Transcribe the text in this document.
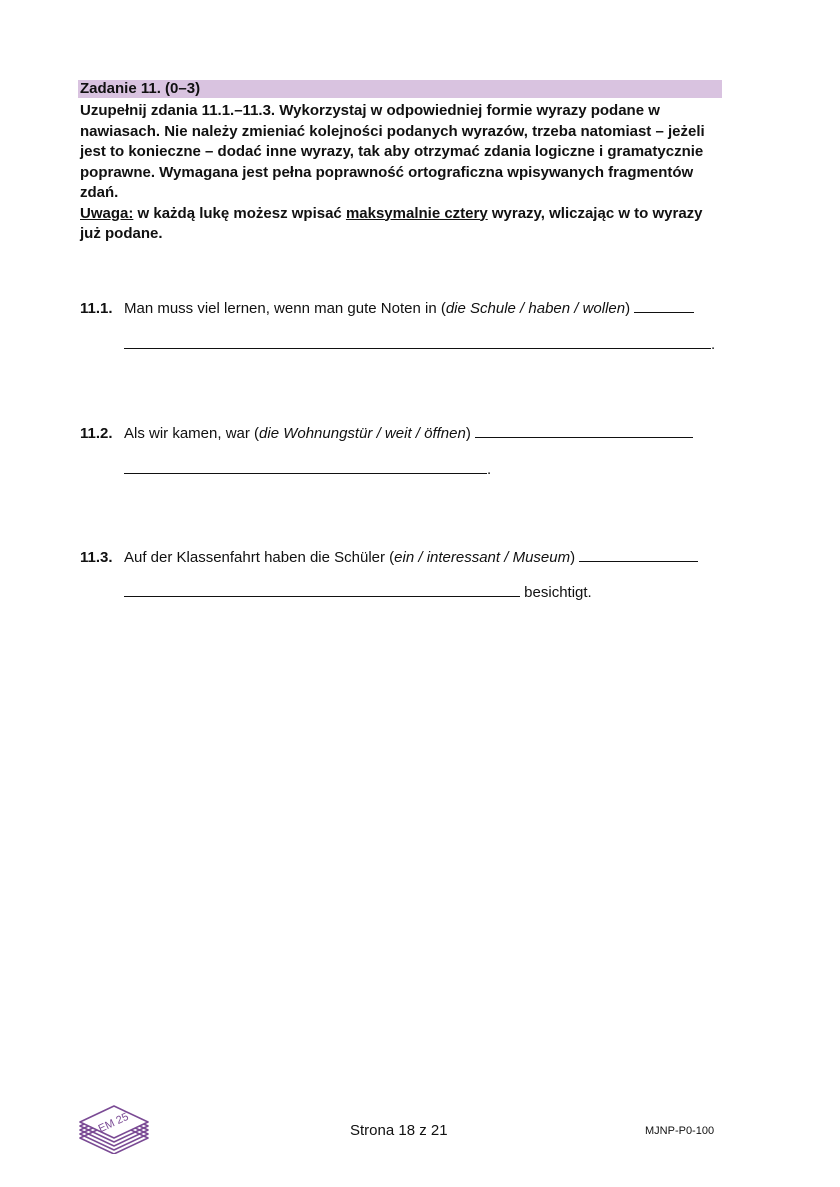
Zadanie 11. (0–3)

Uzupełnij zdania 11.1.–11.3. Wykorzystaj w odpowiedniej formie wyrazy podane w nawiasach. Nie należy zmieniać kolejności podanych wyrazów, trzeba natomiast – jeżeli jest to konieczne – dodać inne wyrazy, tak aby otrzymać zdania logiczne i gramatycznie poprawne. Wymagana jest pełna poprawność ortograficzna wpisywanych fragmentów zdań.

Uwaga: w każdą lukę możesz wpisać maksymalnie cztery wyrazy, wliczając w to wyrazy już podane.

11.1. Man muss viel lernen, wenn man gute Noten in (die Schule / haben / wollen)
.
11.2. Als wir kamen, war (die Wohnungstür / weit / öffnen)
.
11.3. Auf der Klassenfahrt haben die Schüler (ein / interessant / Museum)
besichtigt.
EM 25	Strona 18 z 21	MJNP-P0-100
